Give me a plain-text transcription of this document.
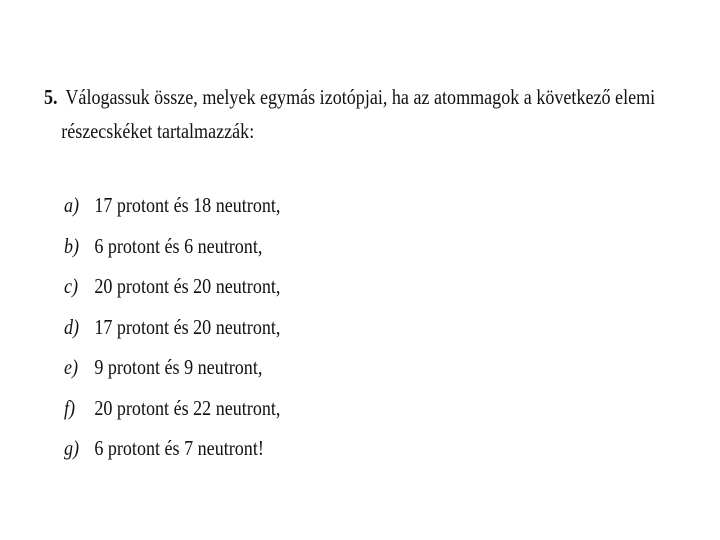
5. Válogassuk össze, melyek egymás izotópjai, ha az atommagok a következő elemi
részecskéket tartalmazzák:
a) 17 protont és 18 neutront,
b) 6 protont és 6 neutront,
c) 20 protont és 20 neutront,
d) 17 protont és 20 neutront,
e) 9 protont és 9 neutront,
f) 20 protont és 22 neutront,
g) 6 protont és 7 neutront!
